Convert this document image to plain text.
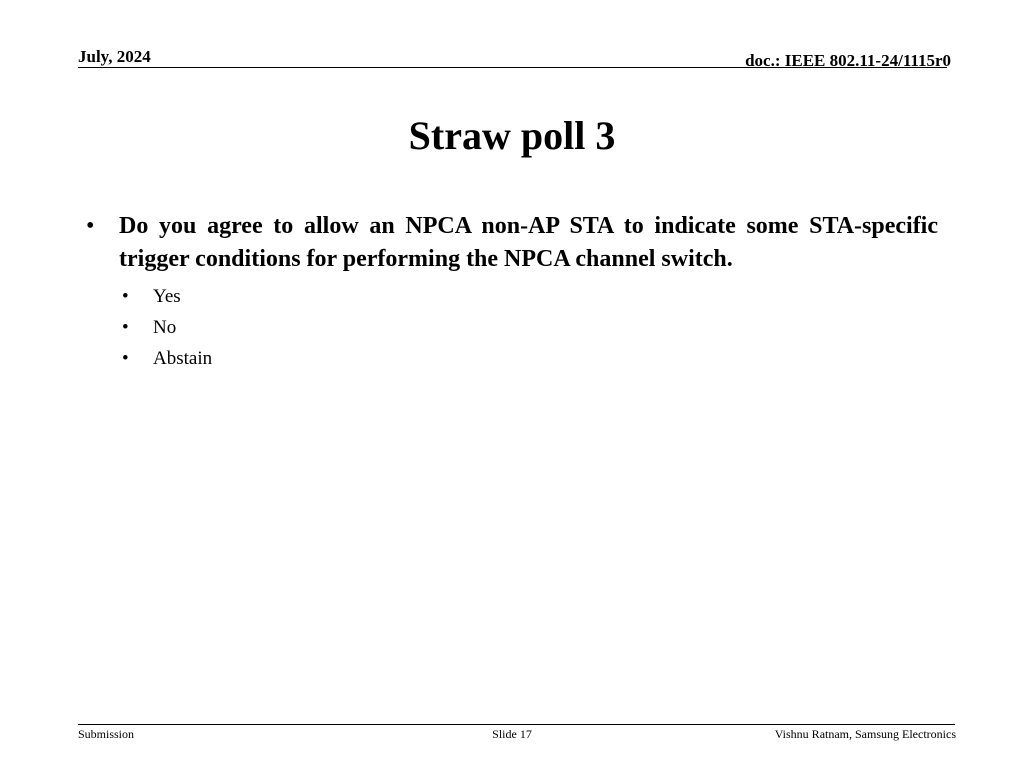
July, 2024	doc.: IEEE 802.11-24/1115r0
Straw poll 3
• Do you agree to allow an NPCA non-AP STA to indicate some STA-specific trigger conditions for performing the NPCA channel switch.
• Yes
• No
• Abstain
Submission	Slide 17	Vishnu Ratnam, Samsung Electronics
